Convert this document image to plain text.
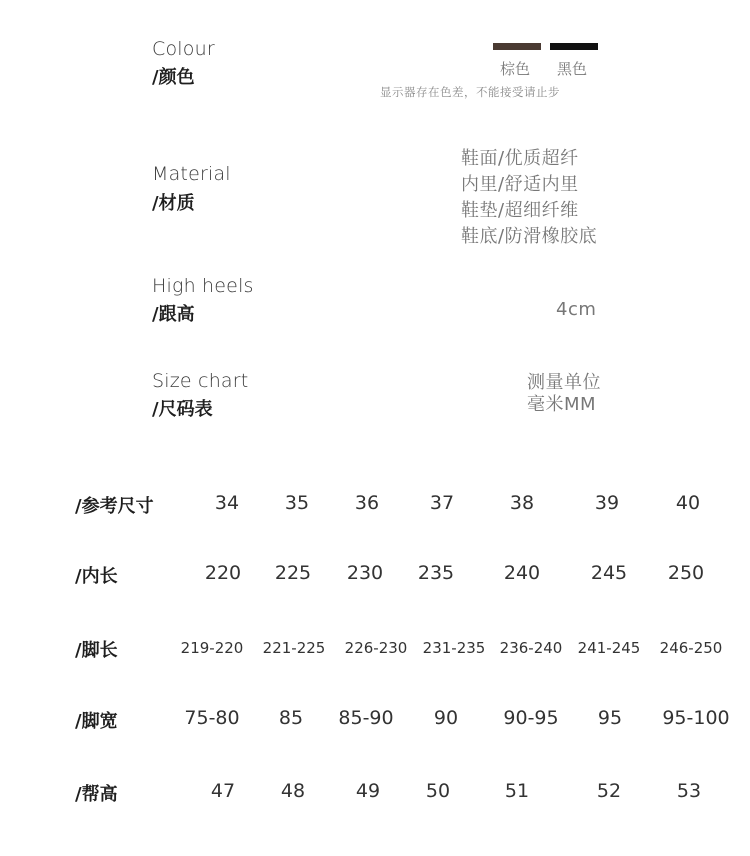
Colour
/颜色	棕色 黑色
显示器存在色差，不能接受请止步
Material
/材质
鞋面/优质超纤
内里/舒适内里
鞋垫/超细纤维
鞋底/防滑橡胶底
High heels
/跟高	4cm
Size chart
/尺码表
测量单位
毫米MM
/参考尺寸	34 35 36	37	38	39	40
/内长	220 225 230 235	240	245 250
/脚长	219-220 221-225 226-230 231-235 236-240 241-245 246-250
/脚宽	75-80 85 85-90 90 90-95 95 95-100
/帮高	47 48	49 50	51	52	53
